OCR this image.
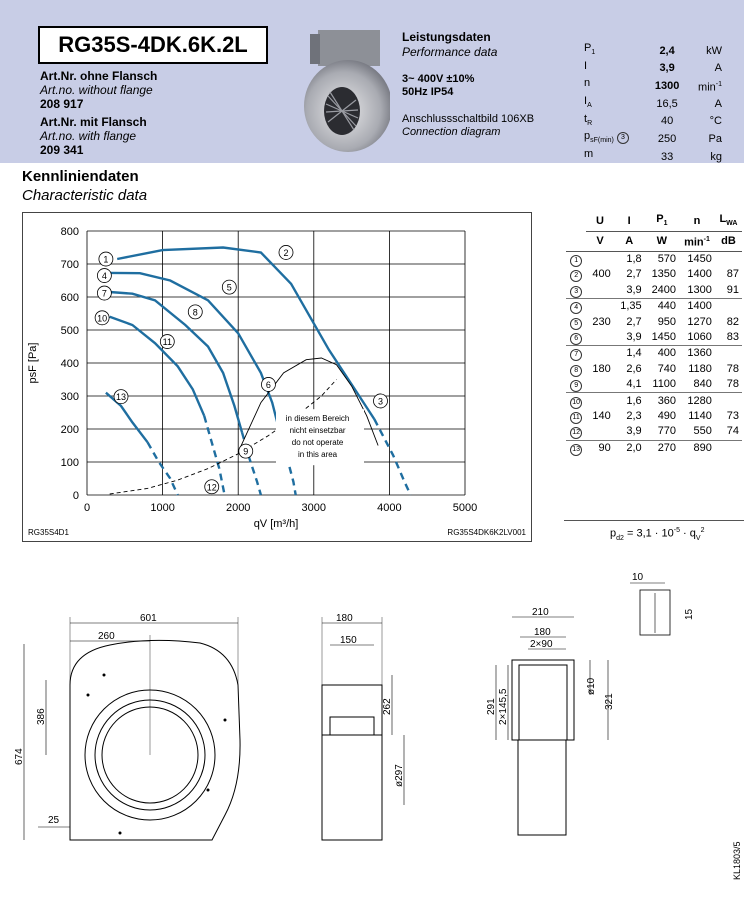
RG35S-4DK.6K.2L
Art.Nr. ohne Flansch
Art.no. without flange
208 917
Art.Nr. mit Flansch
Art.no. with flange
209 341
Leistungsdaten
Performance data
3~ 400V ±10%
50Hz IP54
Anschlussschaltbild 106XB
Connection diagram
$P_1$	2,4	kW
I	3,9	A
n	1300	$\min^{-1}$
$I_A$	16,5	A
$t_R$	40	°C
$p_{sF(min)}$ 3	250	Pa
m	33	kg
Kennliniendaten
Characteristic data
0	1000	2000	3000	4000	5000
0
100
200
300
400
500
600
700
800
1
2
3
4
5
6
7
8
9
10
11
12
13
in diesem Bereich
nicht einsetzbar
do not operate
in this area
qV [m³/h]
psF [Pa]
RG35S4D1	RG35S4DK6K2LV001
	U	I	$P_1$	n	$L_{WA}$
	V	A	W	$\min^{-1}$	dB
1		1,8	570	1450	
2	400	2,7	1350	1400	87
3		3,9	2400	1300	91
4		1,35	440	1400	
5	230	2,7	950	1270	82
6		3,9	1450	1060	83
7		1,4	400	1360	
8	180	2,6	740	1180	78
9		4,1	1100	840	78
10		1,6	360	1280	
11	140	2,3	490	1140	73
12		3,9	770	550	74
13	90	2,0	270	890	
$p_{d2} = 3,1 \cdot 10^{-5} \cdot q_V^2$
601
260
386
674
25
180
150
262
ø297
210
180
2×90
291 2×145,5
ø10
321
10
15
KL1803/5
